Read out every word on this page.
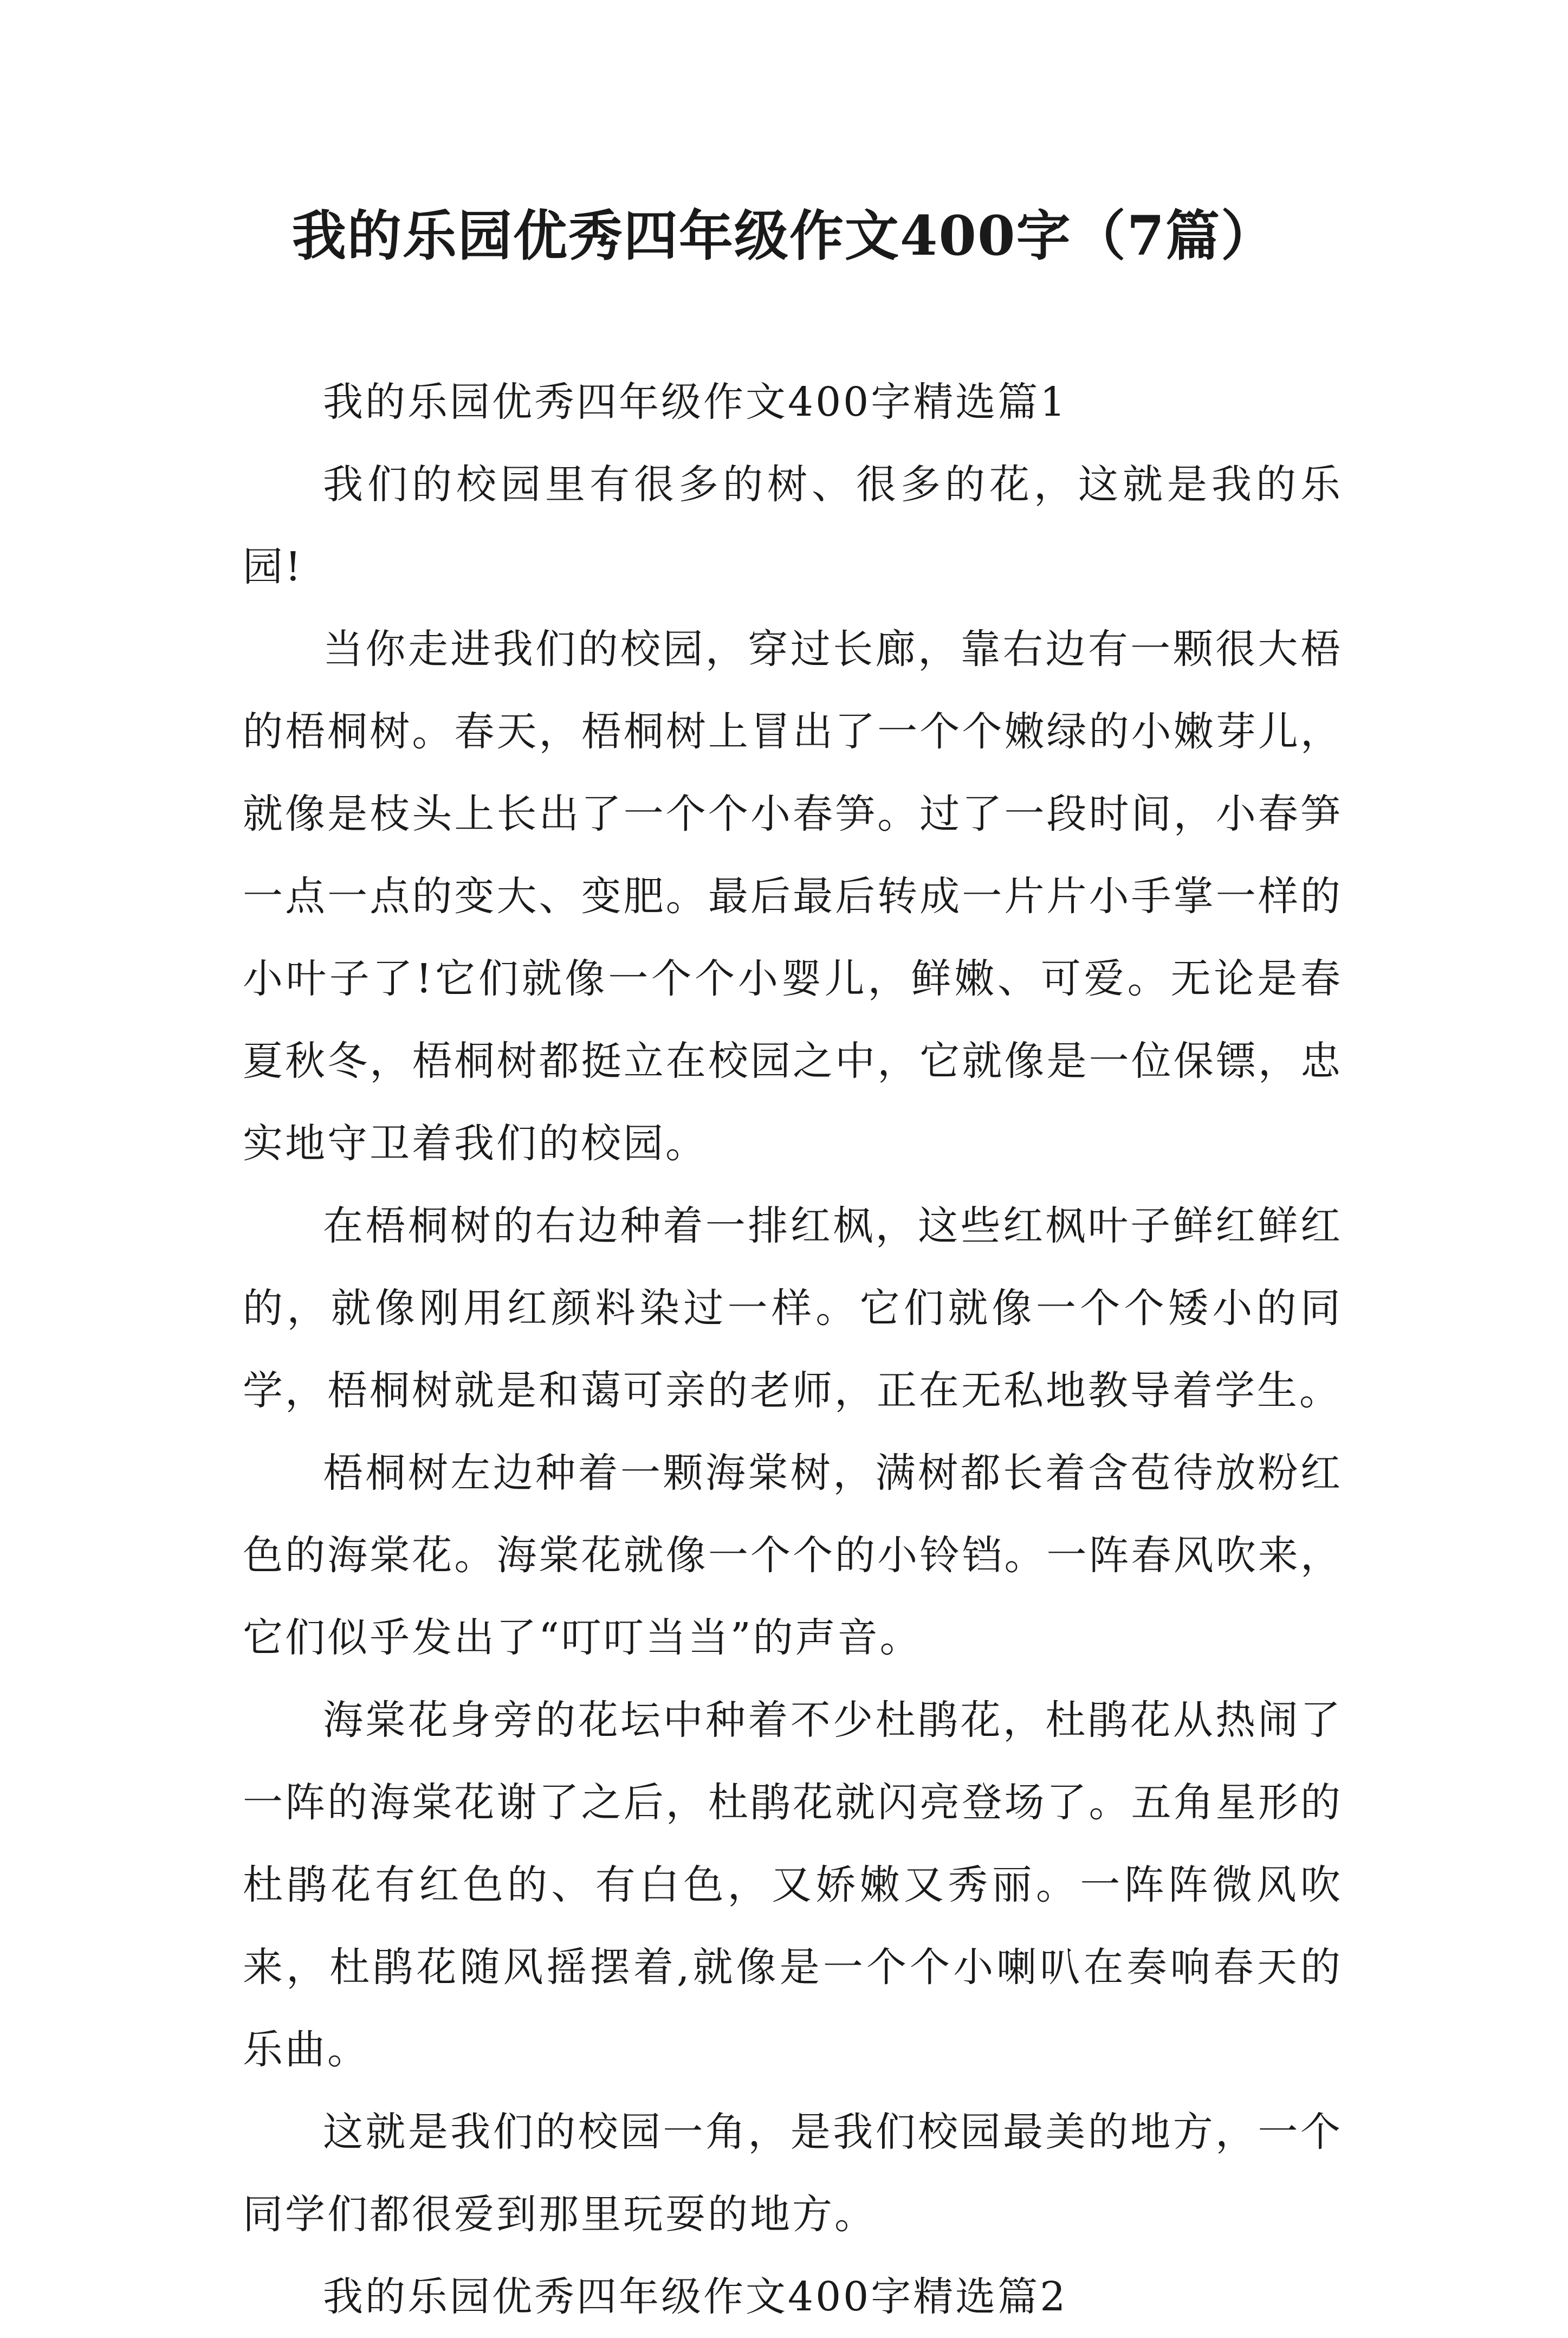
我的乐园优秀四年级作文400字（7篇）

我的乐园优秀四年级作文400字精选篇1

我们的校园里有很多的树、很多的花，这就是我的乐园!

当你走进我们的校园，穿过长廊，靠右边有一颗很大梧的梧桐树。春天，梧桐树上冒出了一个个嫩绿的小嫩芽儿，就像是枝头上长出了一个个小春笋。过了一段时间，小春笋一点一点的变大、变肥。最后最后转成一片片小手掌一样的小叶子了!它们就像一个个小婴儿，鲜嫩、可爱。无论是春夏秋冬，梧桐树都挺立在校园之中，它就像是一位保镖，忠实地守卫着我们的校园。

在梧桐树的右边种着一排红枫，这些红枫叶子鲜红鲜红的，就像刚用红颜料染过一样。它们就像一个个矮小的同学，梧桐树就是和蔼可亲的老师，正在无私地教导着学生。

梧桐树左边种着一颗海棠树，满树都长着含苞待放粉红色的海棠花。海棠花就像一个个的小铃铛。一阵春风吹来，它们似乎发出了“叮叮当当”的声音。

海棠花身旁的花坛中种着不少杜鹃花，杜鹃花从热闹了一阵的海棠花谢了之后，杜鹃花就闪亮登场了。五角星形的杜鹃花有红色的、有白色，又娇嫩又秀丽。一阵阵微风吹来，杜鹃花随风摇摆着,就像是一个个小喇叭在奏响春天的乐曲。

这就是我们的校园一角，是我们校园最美的地方，一个同学们都很爱到那里玩耍的地方。

我的乐园优秀四年级作文400字精选篇2
